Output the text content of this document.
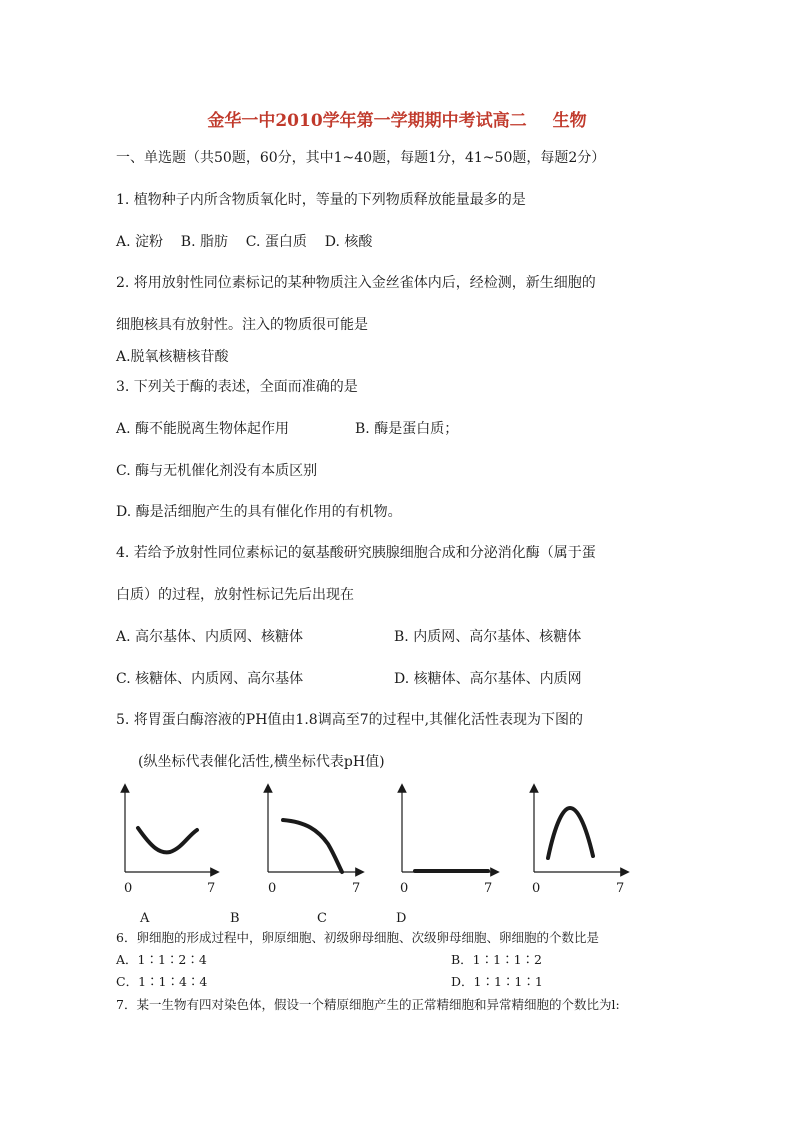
金华一中2010学年第一学期期中考试高二 生物
一、单选题（共50题，60分，其中1~40题，每题1分，41~50题，每题2分）
1. 植物种子内所含物质氧化时，等量的下列物质释放能量最多的是
A. 淀粉    B. 脂肪    C. 蛋白质    D. 核酸
2. 将用放射性同位素标记的某种物质注入金丝雀体内后，经检测，新生细胞的
细胞核具有放射性。注入的物质很可能是
A.脱氧核糖核苷酸
3. 下列关于酶的表述，全面而准确的是
A. 酶不能脱离生物体起作用	B. 酶是蛋白质；
C. 酶与无机催化剂没有本质区别
D. 酶是活细胞产生的具有催化作用的有机物。
4. 若给予放射性同位素标记的氨基酸研究胰腺细胞合成和分泌消化酶（属于蛋
白质）的过程，放射性标记先后出现在
A. 高尔基体、内质网、核糖体	B. 内质网、高尔基体、核糖体
C. 核糖体、内质网、高尔基体	D. 核糖体、高尔基体、内质网
5. 将胃蛋白酶溶液的PH值由1.8调高至7的过程中,其催化活性表现为下图的
(纵坐标代表催化活性,横坐标代表pH值)
0	7	0	7	0	7	0	7
A	B	C	D
6．卵细胞的形成过程中，卵原细胞、初级卵母细胞、次级卵母细胞、卵细胞的个数比是
A．1∶1∶2∶4	B．1∶1∶1∶2
C．1∶1∶4∶4	D．1∶1∶1∶1
7．某一生物有四对染色体，假设一个精原细胞产生的正常精细胞和异常精细胞的个数比为l:
